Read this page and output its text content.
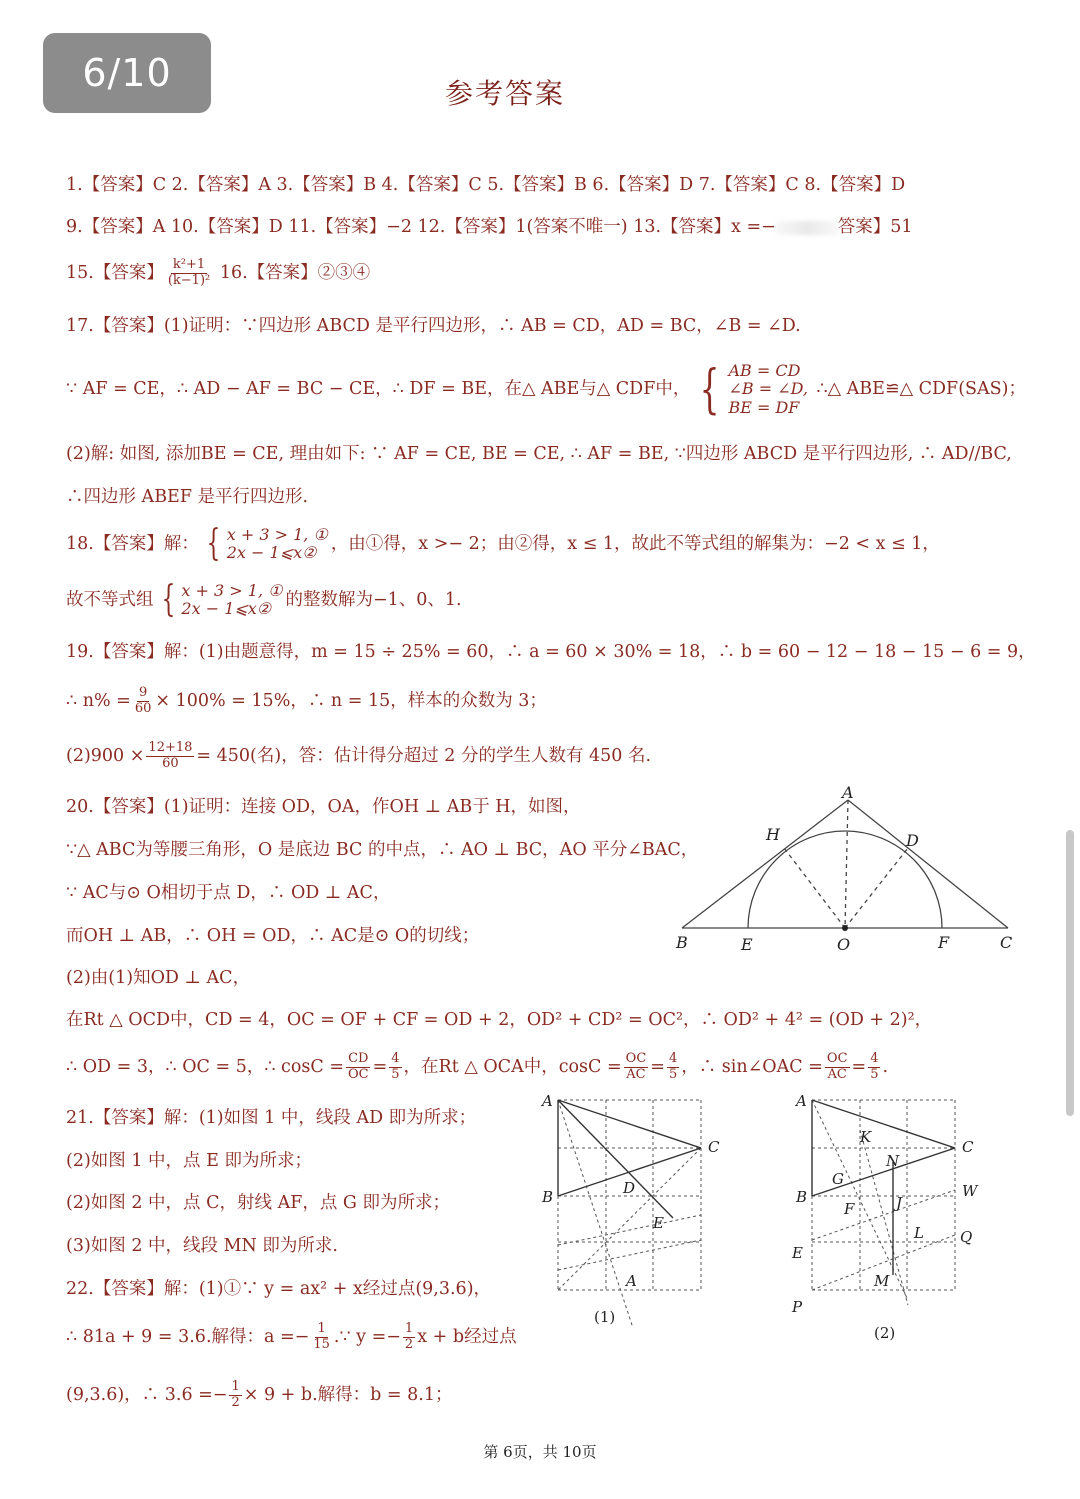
6/10	参考答案
1.【答案】C 2.【答案】A 3.【答案】B 4.【答案】C 5.【答案】B 6.【答案】D 7.【答案】C 8.【答案】D
9.【答案】A 10.【答案】D 11.【答案】−2 12.【答案】1(答案不唯一) 13.【答案】x =−	答案】51
15.【答案】 $\frac{\text{k²+1}}{\text{(k−1)²}} 16$.【答案】②③④
17.【答案】(1)证明：∵四边形 ABCD 是平行四边形，∴ AB = CD，AD = BC，∠B = ∠D.
∵ AF = CE，∴ AD − AF = BC − CE，∴ DF = BE，在△ ABE与△ CDF中， { AB = CD
∠B = ∠D,
BE = DF
∴△ ABE≌△ CDF(SAS)；
(2)解: 如图, 添加BE = CE, 理由如下: ∵ AF = CE, BE = CE, ∴ AF = BE, ∵四边形 ABCD 是平行四边形, ∴ AD//BC,
∴四边形 ABEF 是平行四边形.
18.【答案】解： { x + 3 > 1, ①
2x − 1⩽x② ，由①得，x >− 2；由②得，x ≤ 1，故此不等式组的解集为：−2 < x ≤ 1，
故不等式组 { x + 3 > 1, ①
2x − 1⩽x② 的整数解为−1、0、1.
19.【答案】解：(1)由题意得，m = 15 ÷ 25% = 60，∴ a = 60 × 30% = 18，∴ b = 60 − 12 − 18 − 15 − 6 = 9，
∴ $n\% = \frac{9}{60} \times 100\% = 15\%$，∴ n = 15，样本的众数为 3；
$(2)900 \times \frac{12+18}{60} = 450$(名)，答：估计得分超过 2 分的学生人数有 450 名.
20.【答案】(1)证明：连接 OD，OA，作OH ⊥ AB于 H，如图，
∵△ ABC为等腰三角形，O 是底边 BC 的中点，∴ AO ⊥ BC，AO 平分∠BAC，
∵ AC与⊙ O相切于点 D，∴ OD ⊥ AC，
而OH ⊥ AB，∴ OH = OD，∴ AC是⊙ O的切线；
(2)由(1)知OD ⊥ AC，
在Rt △ OCD中，CD = 4，OC = OF + CF = OD + 2，OD² + CD² = OC²，∴ OD² + 4² = (OD + 2)²，
∴ OD = 3，∴ OC = 5，∴ $\cos C = \frac{CD}{OC} = \frac{4}{5}$ ，在Rt △ OCA中，$\cos C = \frac{OC}{AC} = \frac{4}{5}$ ，∴ sin∠OAC = $\frac{OC}{AC} = \frac{4}{5}$ .
21.【答案】解：(1)如图 1 中，线段 AD 即为所求；
(2)如图 1 中，点 E 即为所求；
(2)如图 2 中，点 C，射线 AF，点 G 即为所求；
(3)如图 2 中，线段 MN 即为所求.
22.【答案】解：(1)①∵ y = ax² + x经过点(9,3.6)，
∴ 81a + 9 = 3.6.解得：$a =- \frac{1}{15}$ .∵ $y =- \frac{1}{2}$ x + b经过点
(9,3.6)，∴ $3.6 =- \frac{1}{2} \times 9 + b$.解得：b = 8.1；
A
H	D
B	E	O	F	C
A
C
B	D
E
A
(1)
A
K
N
C
G
B	W
F	J
L
E
Q
M
P
(2)
第 6页，共 10页
